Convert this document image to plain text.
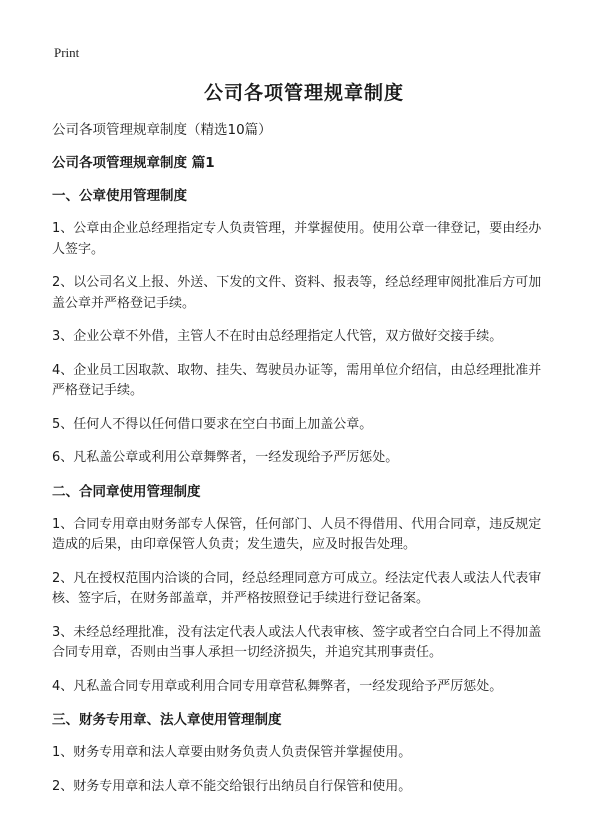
Print
公司各项管理规章制度
公司各项管理规章制度（精选10篇）
公司各项管理规章制度 篇1
一、公章使用管理制度
1、公章由企业总经理指定专人负责管理，并掌握使用。使用公章一律登记，要由经办人签字。
2、以公司名义上报、外送、下发的文件、资料、报表等，经总经理审阅批准后方可加盖公章并严格登记手续。
3、企业公章不外借，主管人不在时由总经理指定人代管，双方做好交接手续。
4、企业员工因取款、取物、挂失、驾驶员办证等，需用单位介绍信，由总经理批准并严格登记手续。
5、任何人不得以任何借口要求在空白书面上加盖公章。
6、凡私盖公章或利用公章舞弊者，一经发现给予严厉惩处。
二、合同章使用管理制度
1、合同专用章由财务部专人保管，任何部门、人员不得借用、代用合同章，违反规定造成的后果，由印章保管人负责；发生遗失，应及时报告处理。
2、凡在授权范围内洽谈的合同，经总经理同意方可成立。经法定代表人或法人代表审核、签字后，在财务部盖章，并严格按照登记手续进行登记备案。
3、未经总经理批准，没有法定代表人或法人代表审核、签字或者空白合同上不得加盖合同专用章，否则由当事人承担一切经济损失，并追究其刑事责任。
4、凡私盖合同专用章或利用合同专用章营私舞弊者，一经发现给予严厉惩处。
三、财务专用章、法人章使用管理制度
1、财务专用章和法人章要由财务负责人负责保管并掌握使用。
2、财务专用章和法人章不能交给银行出纳员自行保管和使用。
